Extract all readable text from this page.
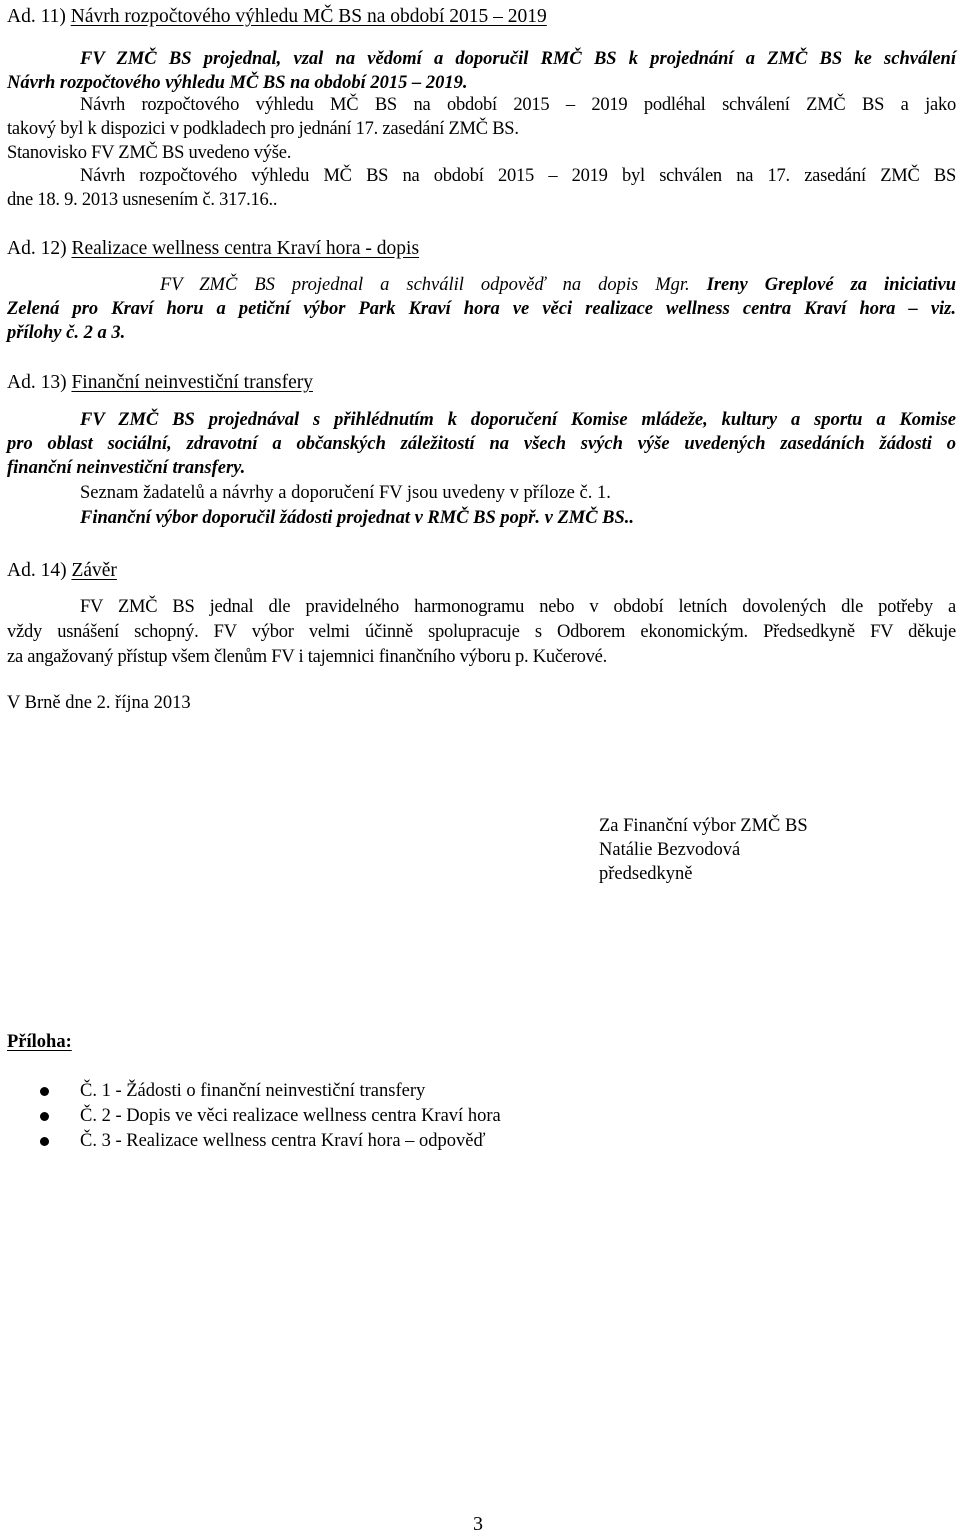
Ad. 11) Návrh rozpočtového výhledu MČ BS na období 2015 – 2019
FV ZMČ BS projednal, vzal na vědomí a doporučil RMČ BS k projednání a ZMČ BS ke schválení
Návrh rozpočtového výhledu MČ BS na období 2015 – 2019.
Návrh rozpočtového výhledu MČ BS na období 2015 – 2019 podléhal schválení ZMČ BS a jako
takový byl k dispozici v podkladech pro jednání 17. zasedání ZMČ BS.
Stanovisko FV ZMČ BS uvedeno výše.
Návrh rozpočtového výhledu MČ BS na období 2015 – 2019 byl schválen na 17. zasedání ZMČ BS
dne 18. 9. 2013 usnesením č. 317.16..
Ad. 12) Realizace wellness centra Kraví hora - dopis
FV ZMČ BS projednal a schválil odpověď na dopis Mgr. Ireny Greplové za iniciativu
Zelená pro Kraví horu a petiční výbor Park Kraví hora ve věci realizace wellness centra Kraví hora – viz.
přílohy č. 2 a 3.
Ad. 13) Finanční neinvestiční transfery
FV ZMČ BS projednával s přihlédnutím k doporučení Komise mládeže, kultury a sportu a Komise
pro oblast sociální, zdravotní a občanských záležitostí na všech svých výše uvedených zasedáních žádosti o
finanční neinvestiční transfery.
Seznam žadatelů a návrhy a doporučení FV jsou uvedeny v příloze č. 1.
Finanční výbor doporučil žádosti projednat v RMČ BS popř. v ZMČ BS..
Ad. 14) Závěr
FV ZMČ BS jednal dle pravidelného harmonogramu nebo v období letních dovolených dle potřeby a
vždy usnášení schopný. FV výbor velmi účinně spolupracuje s Odborem ekonomickým. Předsedkyně FV děkuje
za angažovaný přístup všem členům FV i tajemnici finančního výboru p. Kučerové.
V Brně dne 2. října 2013
Za Finanční výbor ZMČ BS
Natálie Bezvodová
předsedkyně
Příloha:
Č. 1 - Žádosti o finanční neinvestiční transfery
Č. 2 - Dopis ve věci realizace wellness centra Kraví hora
Č. 3 - Realizace wellness centra Kraví hora – odpověď
3
